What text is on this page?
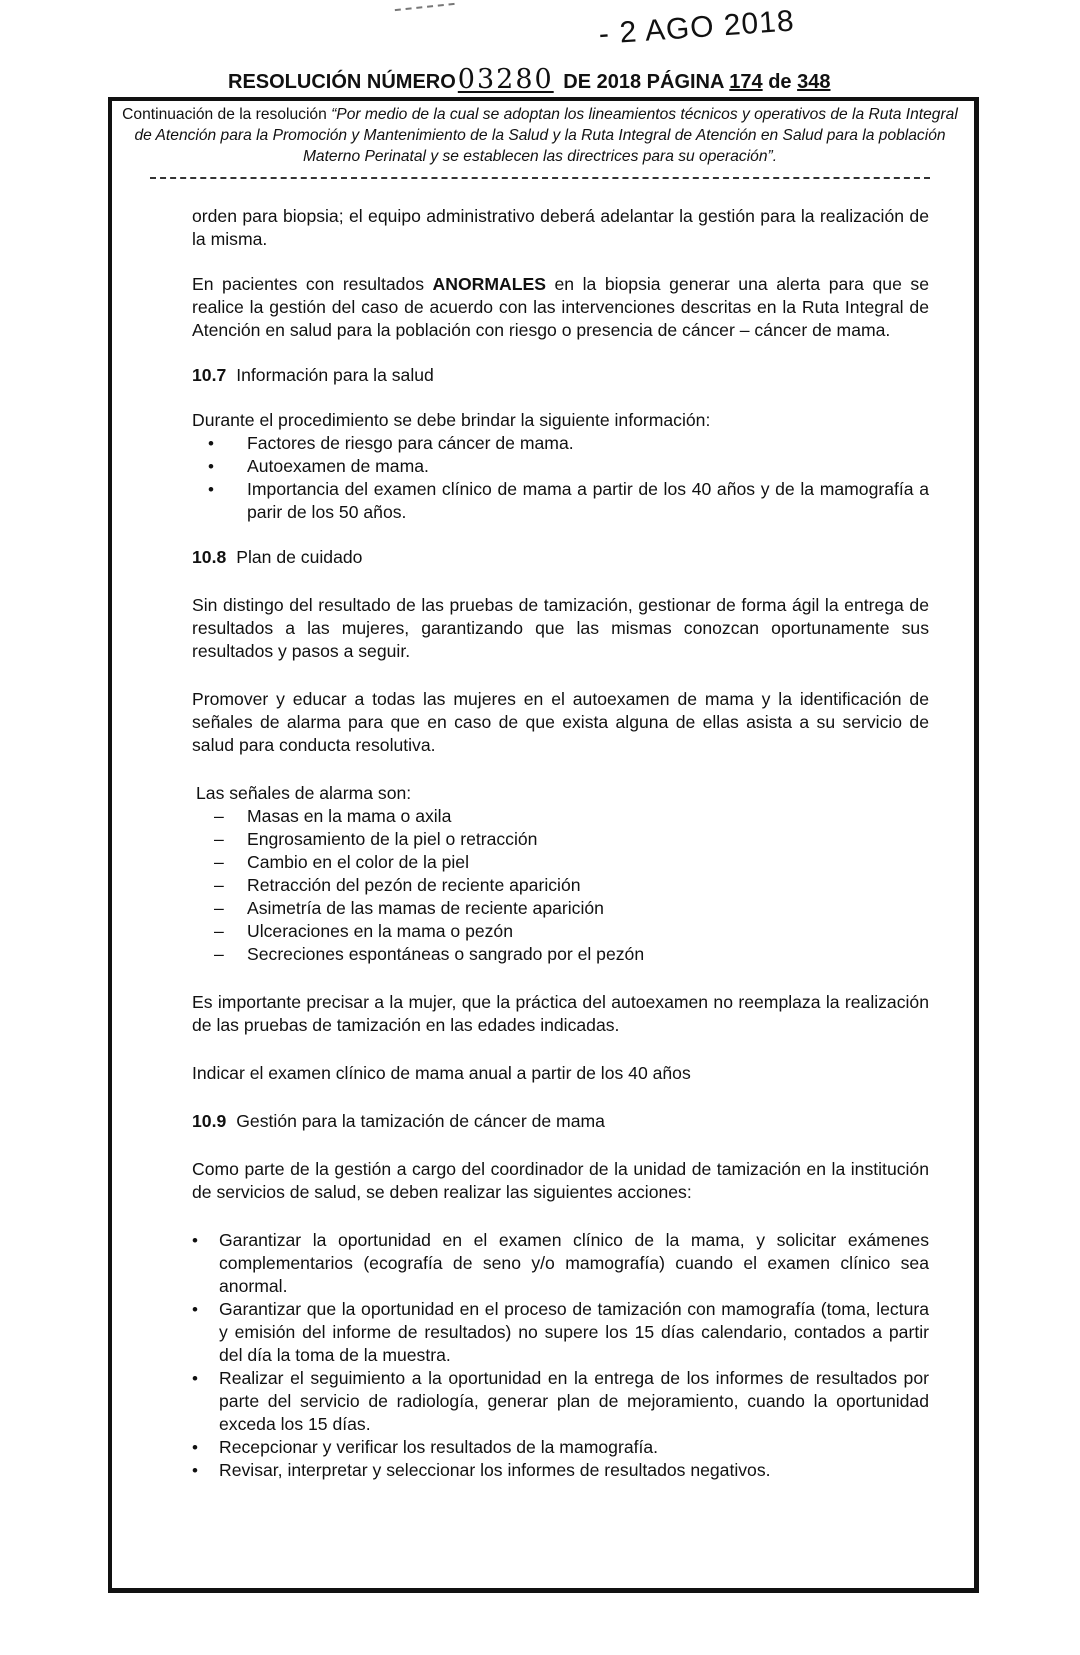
- 2 AGO 2018
RESOLUCIÓN NÚMERO03280 DE 2018 PÁGINA 174 de 348
Continuación de la resolución “Por medio de la cual se adoptan los lineamientos técnicos y operativos de la Ruta Integral de Atención para la Promoción y Mantenimiento de la Salud y la Ruta Integral de Atención en Salud para la población Materno Perinatal y se establecen las directrices para su operación”.

orden para biopsia; el equipo administrativo deberá adelantar la gestión para la realización de la misma.

En pacientes con resultados ANORMALES en la biopsia generar una alerta para que se realice la gestión del caso de acuerdo con las intervenciones descritas en la Ruta Integral de Atención en salud para la población con riesgo o presencia de cáncer – cáncer de mama.

10.7 Información para la salud

Durante el procedimiento se debe brindar la siguiente información:

• Factores de riesgo para cáncer de mama.
• Autoexamen de mama.
• Importancia del examen clínico de mama a partir de los 40 años y de la mamografía a parir de los 50 años.

10.8 Plan de cuidado

Sin distingo del resultado de las pruebas de tamización, gestionar de forma ágil la entrega de resultados a las mujeres, garantizando que las mismas conozcan oportunamente sus resultados y pasos a seguir.

Promover y educar a todas las mujeres en el autoexamen de mama y la identificación de señales de alarma para que en caso de que exista alguna de ellas asista a su servicio de salud para conducta resolutiva.

Las señales de alarma son:

– Masas en la mama o axila
– Engrosamiento de la piel o retracción
– Cambio en el color de la piel
– Retracción del pezón de reciente aparición
– Asimetría de las mamas de reciente aparición
– Ulceraciones en la mama o pezón
– Secreciones espontáneas o sangrado por el pezón

Es importante precisar a la mujer, que la práctica del autoexamen no reemplaza la realización de las pruebas de tamización en las edades indicadas.

Indicar el examen clínico de mama anual a partir de los 40 años

10.9 Gestión para la tamización de cáncer de mama

Como parte de la gestión a cargo del coordinador de la unidad de tamización en la institución de servicios de salud, se deben realizar las siguientes acciones:

• Garantizar la oportunidad en el examen clínico de la mama, y solicitar exámenes complementarios (ecografía de seno y/o mamografía) cuando el examen clínico sea anormal.
• Garantizar que la oportunidad en el proceso de tamización con mamografía (toma, lectura y emisión del informe de resultados) no supere los 15 días calendario, contados a partir del día la toma de la muestra.
• Realizar el seguimiento a la oportunidad en la entrega de los informes de resultados por parte del servicio de radiología, generar plan de mejoramiento, cuando la oportunidad exceda los 15 días.
• Recepcionar y verificar los resultados de la mamografía.
• Revisar, interpretar y seleccionar los informes de resultados negativos.
